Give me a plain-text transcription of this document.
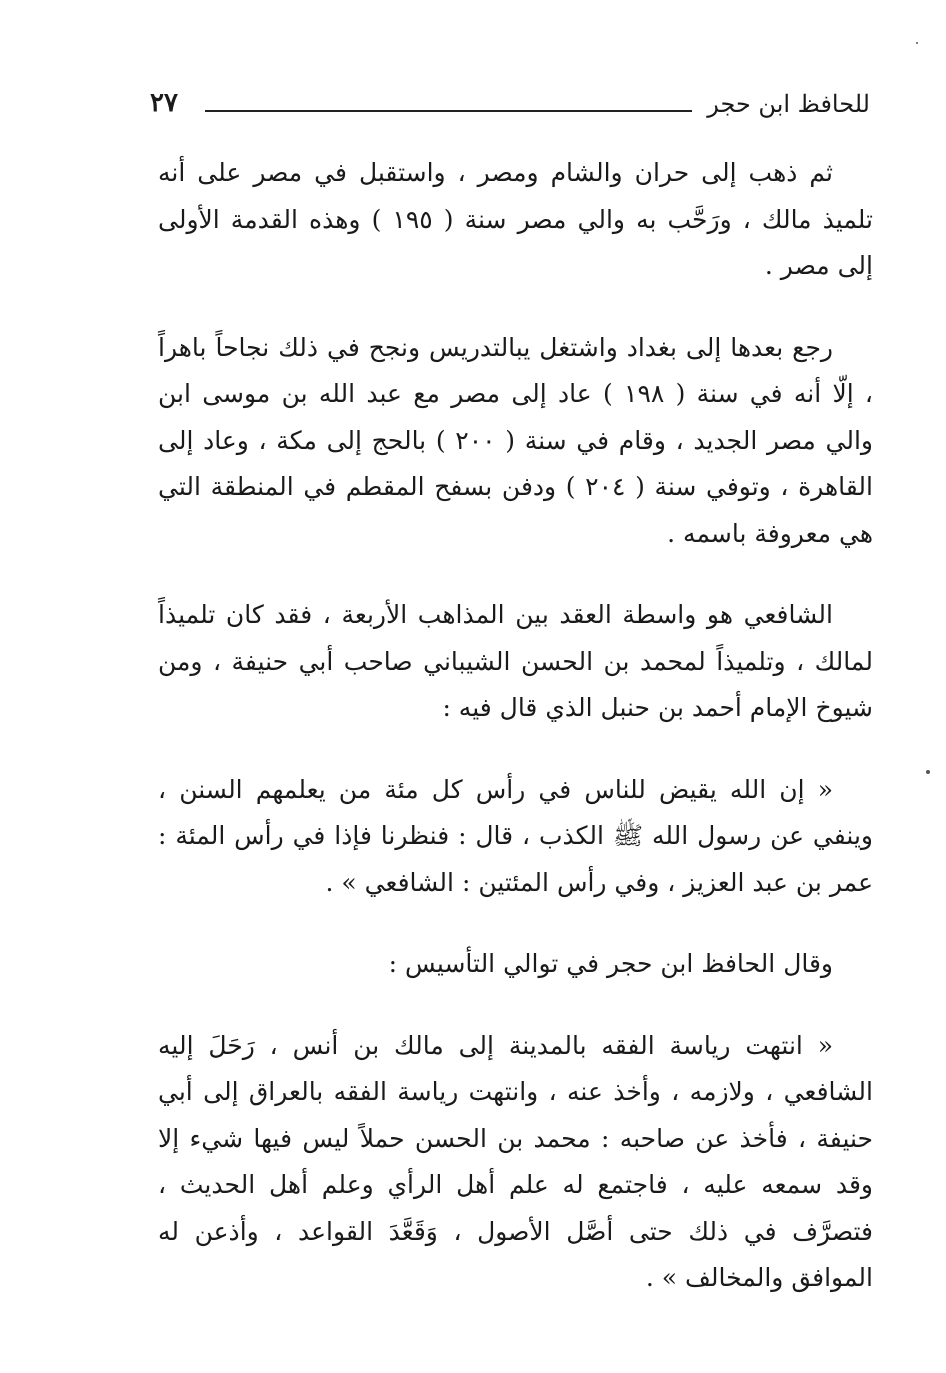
للحافظ ابن حجر
٢٧

ثم ذهب إلى حران والشام ومصر ، واستقبل في مصر على أنه تلميذ مالك ، ورَحَّب به والي مصر سنة ( ١٩٥ ) وهذه القدمة الأولى إلى مصر .

رجع بعدها إلى بغداد واشتغل يبالتدريس ونجح في ذلك نجاحاً باهراً ، إلّا أنه في سنة ( ١٩٨ ) عاد إلى مصر مع عبد الله بن موسى ابن والي مصر الجديد ، وقام في سنة ( ٢٠٠ ) بالحج إلى مكة ، وعاد إلى القاهرة ، وتوفي سنة ( ٢٠٤ ) ودفن بسفح المقطم في المنطقة التي هي معروفة باسمه .

الشافعي هو واسطة العقد بين المذاهب الأربعة ، فقد كان تلميذاً لمالك ، وتلميذاً لمحمد بن الحسن الشيباني صاحب أبي حنيفة ، ومن شيوخ الإمام أحمد بن حنبل الذي قال فيه :

« إن الله يقيض للناس في رأس كل مئة من يعلمهم السنن ، وينفي عن رسول الله ﷺ الكذب ، قال : فنظرنا فإذا في رأس المئة : عمر بن عبد العزيز ، وفي رأس المئتين : الشافعي » .

وقال الحافظ ابن حجر في توالي التأسيس :

« انتهت رياسة الفقه بالمدينة إلى مالك بن أنس ، رَحَلَ إليه الشافعي ، ولازمه ، وأخذ عنه ، وانتهت رياسة الفقه بالعراق إلى أبي حنيفة ، فأخذ عن صاحبه : محمد بن الحسن حملاً ليس فيها شيء إلا وقد سمعه عليه ، فاجتمع له علم أهل الرأي وعلم أهل الحديث ، فتصرَّف في ذلك حتى أصَّل الأصول ، وَقَعَّدَ القواعد ، وأذعن له الموافق والمخالف » .
